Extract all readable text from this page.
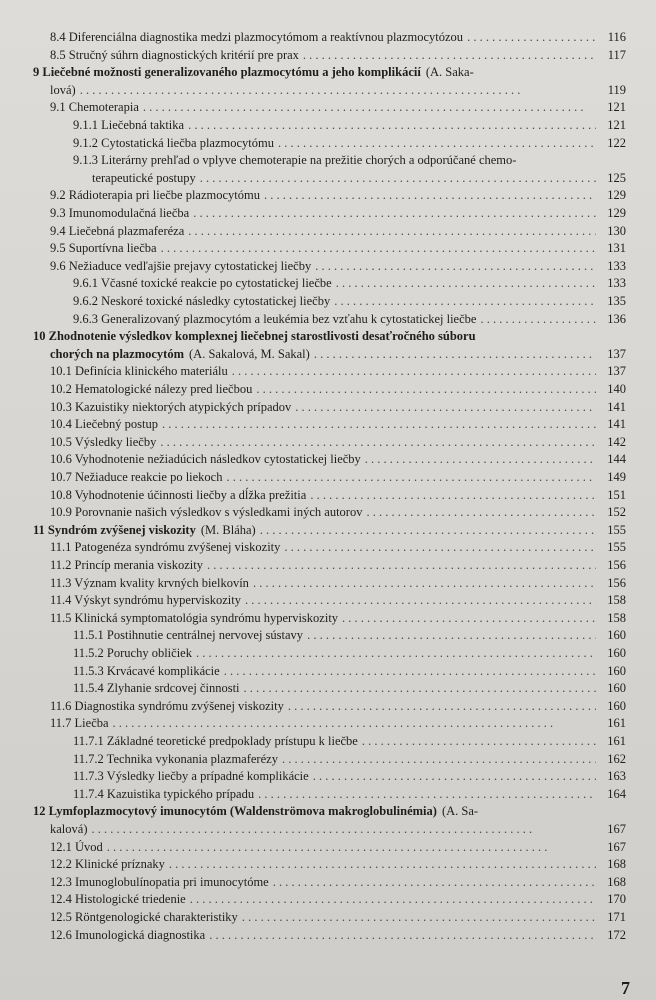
8.4 Diferenciálna diagnostika medzi plazmocytómom a reaktívnou plazmocytózou . . .	116
8.5 Stručný súhrn diagnostických kritérií pre prax . . .	117
9 Liečebné možnosti generalizovaného plazmocytómu a jeho komplikácií (A. Saka-
lová) . . .	119
9.1 Chemoterapia . . .	121
9.1.1 Liečebná taktika . . .	121
9.1.2 Cytostatická liečba plazmocytómu . . .	122
9.1.3 Literárny prehľad o vplyve chemoterapie na prežitie chorých a odporúčané chemo-
terapeutické postupy . . .	125
9.2 Rádioterapia pri liečbe plazmocytómu . . .	129
9.3 Imunomodulačná liečba . . .	129
9.4 Liečebná plazmaferéza . . .	130
9.5 Suportívna liečba . . .	131
9.6 Nežiaduce vedľajšie prejavy cytostatickej liečby . . .	133
9.6.1 Včasné toxické reakcie po cytostatickej liečbe . . .	133
9.6.2 Neskoré toxické následky cytostatickej liečby . . .	135
9.6.3 Generalizovaný plazmocytóm a leukémia bez vzťahu k cytostatickej liečbe . . .	136
10 Zhodnotenie výsledkov komplexnej liečebnej starostlivosti desaťročného súboru
chorých na plazmocytóm (A. Sakalová, M. Sakal) . . .	137
10.1 Definícia klinického materiálu . . .	137
10.2 Hematologické nálezy pred liečbou . . .	140
10.3 Kazuistiky niektorých atypických prípadov . . .	141
10.4 Liečebný postup . . .	141
10.5 Výsledky liečby . . .	142
10.6 Vyhodnotenie nežiadúcich následkov cytostatickej liečby . . .	144
10.7 Nežiaduce reakcie po liekoch . . .	149
10.8 Vyhodnotenie účinnosti liečby a dĺžka prežitia . . .	151
10.9 Porovnanie našich výsledkov s výsledkami iných autorov . . .	152
11 Syndróm zvýšenej viskozity (M. Bláha) . . .	155
11.1 Patogenéza syndrómu zvýšenej viskozity . . .	155
11.2 Princíp merania viskozity . . .	156
11.3 Význam kvality krvných bielkovín . . .	156
11.4 Výskyt syndrómu hyperviskozity . . .	158
11.5 Klinická symptomatológia syndrómu hyperviskozity . . .	158
11.5.1 Postihnutie centrálnej nervovej sústavy . . .	160
11.5.2 Poruchy obličiek . . .	160
11.5.3 Krvácavé komplikácie . . .	160
11.5.4 Zlyhanie srdcovej činnosti . . .	160
11.6 Diagnostika syndrómu zvýšenej viskozity . . .	160
11.7 Liečba . . .	161
11.7.1 Základné teoretické predpoklady prístupu k liečbe . . .	161
11.7.2 Technika vykonania plazmaferézy . . .	162
11.7.3 Výsledky liečby a prípadné komplikácie . . .	163
11.7.4 Kazuistika typického prípadu . . .	164
12 Lymfoplazmocytový imunocytóm (Waldenströmova makroglobulinémia) (A. Sa-
kalová) . . .	167
12.1 Úvod . . .	167
12.2 Klinické príznaky . . .	168
12.3 Imunoglobulínopatia pri imunocytóme . . .	168
12.4 Histologické triedenie . . .	170
12.5 Röntgenologické charakteristiky . . .	171
12.6 Imunologická diagnostika . . .	172
7
